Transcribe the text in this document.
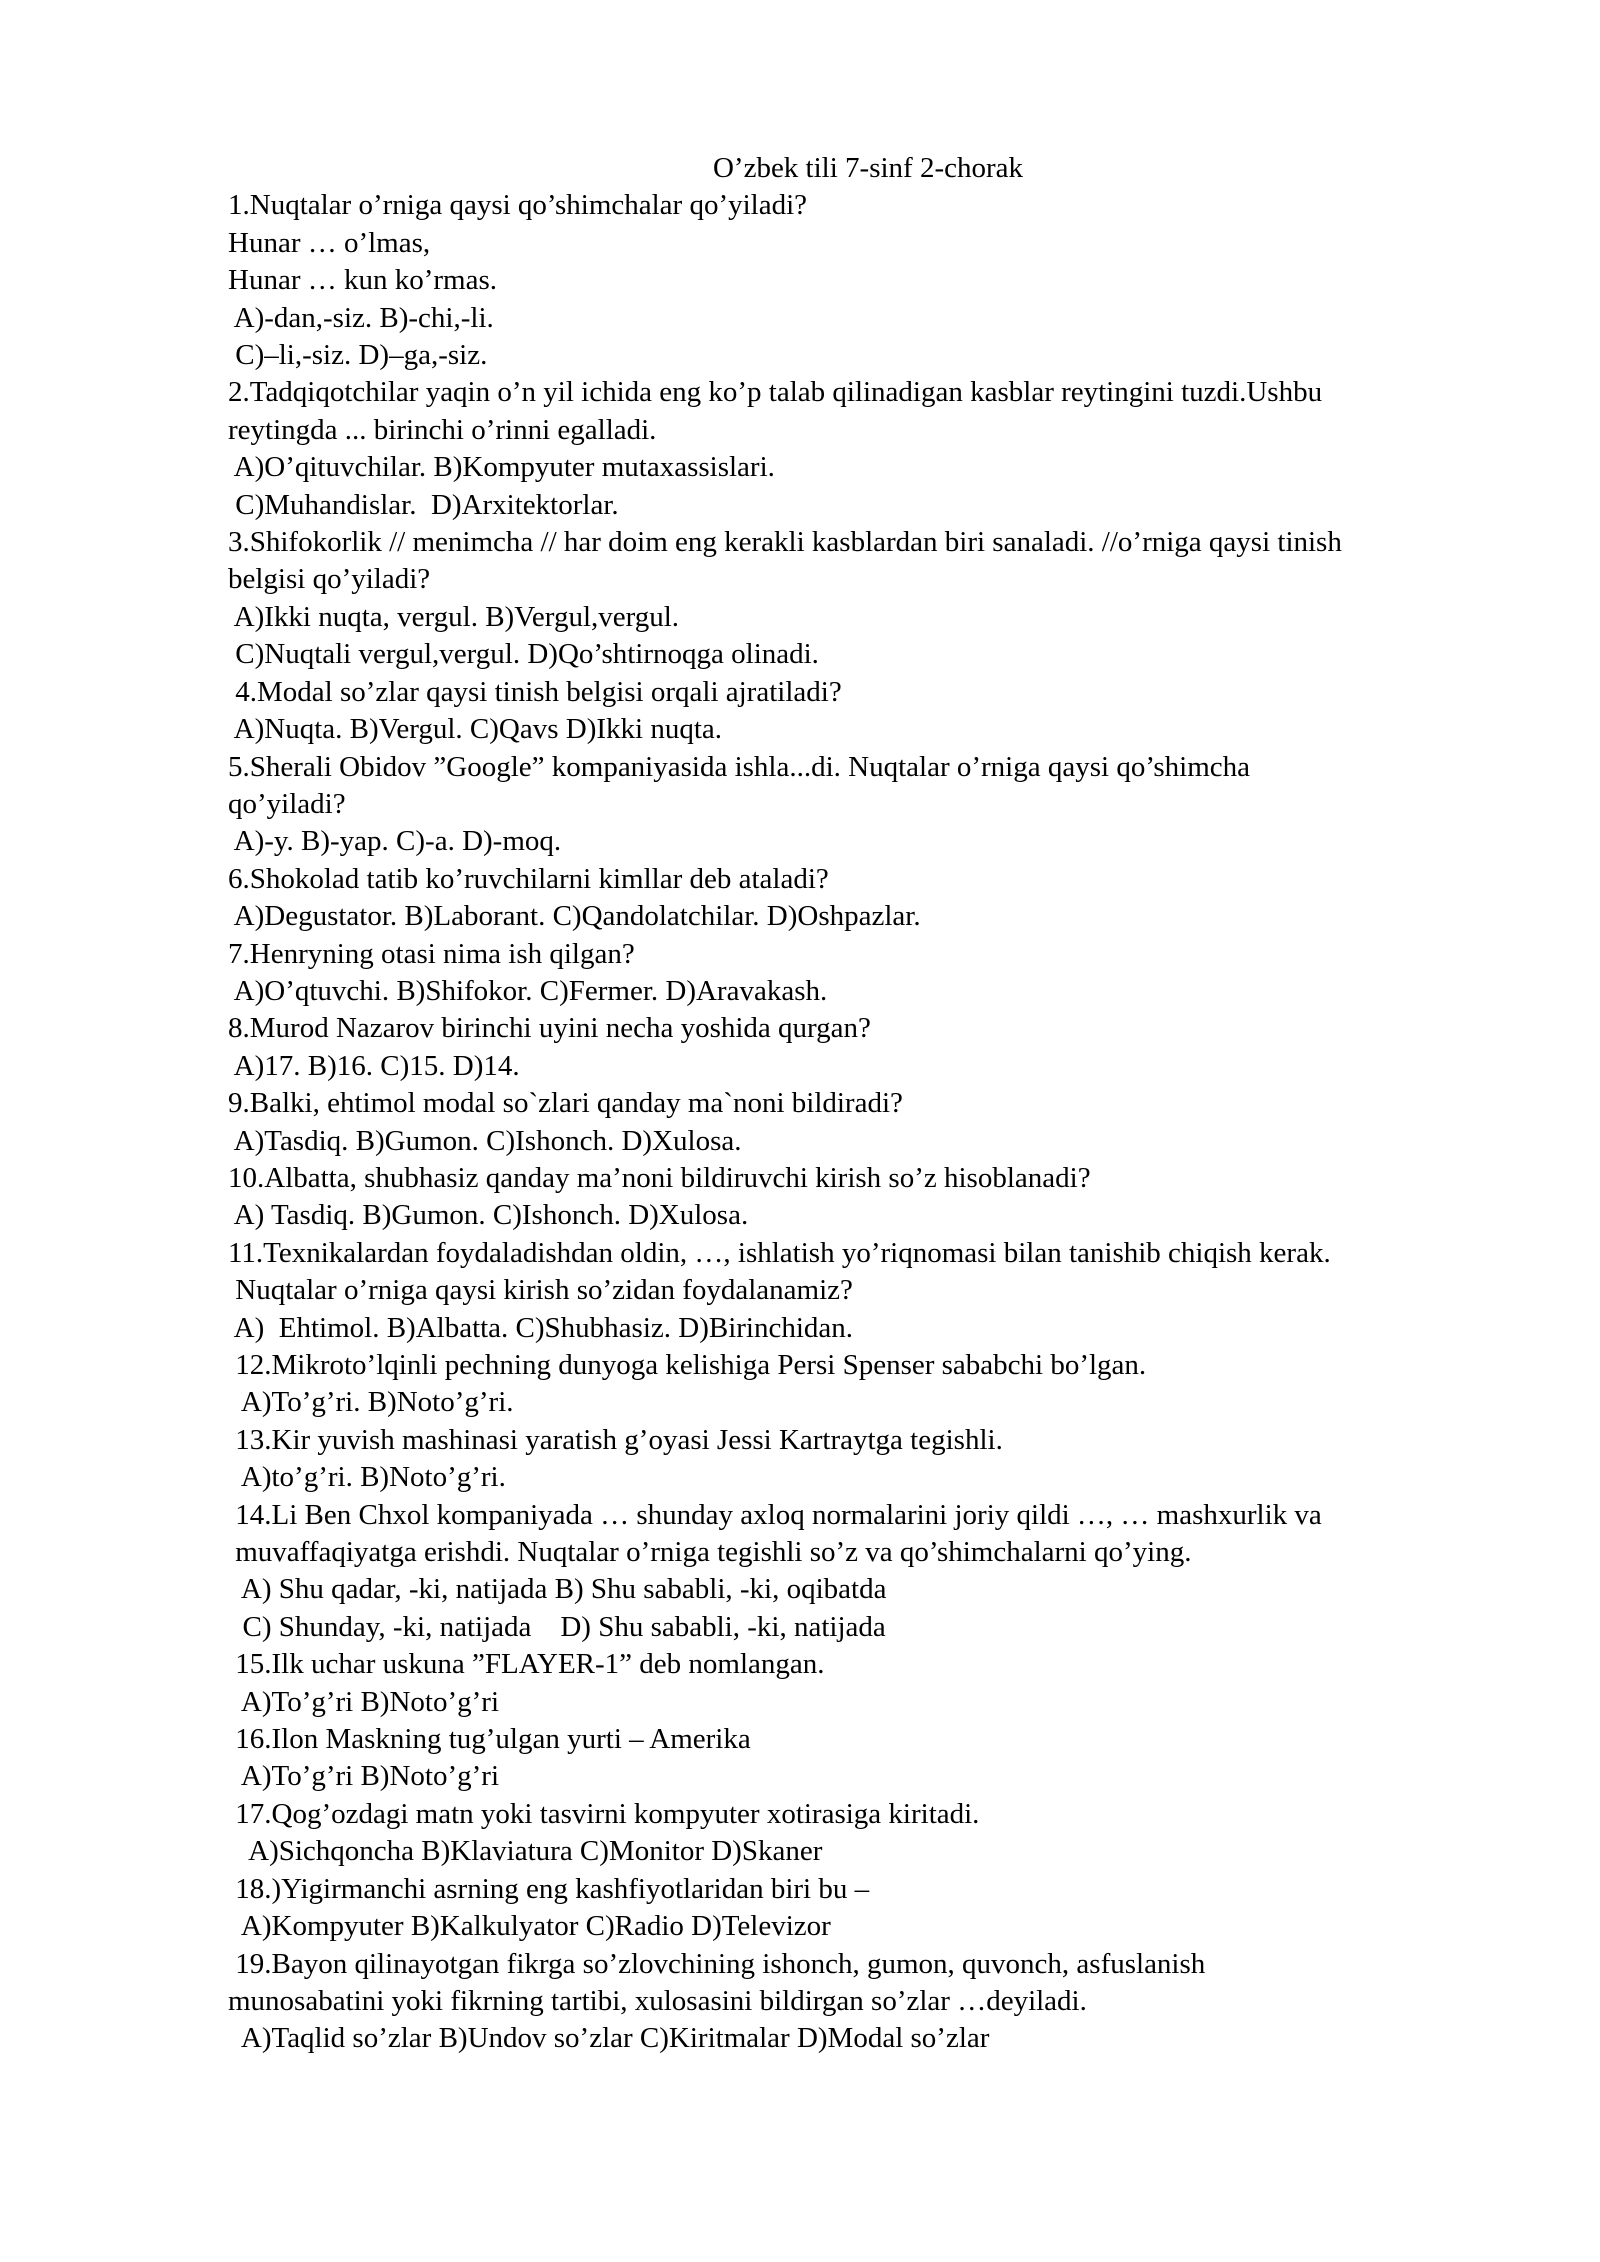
O’zbek tili 7-sinf 2-chorak

1.Nuqtalar o’rniga qaysi qo’shimchalar qo’yiladi?

Hunar … o’lmas,

Hunar … kun ko’rmas.

A)-dan,-siz. B)-chi,-li.

C)–li,-siz. D)–ga,-siz.

2.Tadqiqotchilar yaqin o’n yil ichida eng ko’p talab qilinadigan kasblar reytingini tuzdi.Ushbu

reytingda ... birinchi o’rinni egalladi.

A)O’qituvchilar. B)Kompyuter mutaxassislari.

C)Muhandislar.  D)Arxitektorlar.

3.Shifokorlik // menimcha // har doim eng kerakli kasblardan biri sanaladi. //o’rniga qaysi tinish

belgisi qo’yiladi?

A)Ikki nuqta, vergul. B)Vergul,vergul.

C)Nuqtali vergul,vergul. D)Qo’shtirnoqga olinadi.

4.Modal so’zlar qaysi tinish belgisi orqali ajratiladi?

A)Nuqta. B)Vergul. C)Qavs D)Ikki nuqta.

5.Sherali Obidov ”Google” kompaniyasida ishla...di. Nuqtalar o’rniga qaysi qo’shimcha

qo’yiladi?

A)-y. B)-yap. C)-a. D)-moq.

6.Shokolad tatib ko’ruvchilarni kimllar deb ataladi?

A)Degustator. B)Laborant. C)Qandolatchilar. D)Oshpazlar.

7.Henryning otasi nima ish qilgan?

A)O’qtuvchi. B)Shifokor. C)Fermer. D)Aravakash.

8.Murod Nazarov birinchi uyini necha yoshida qurgan?

A)17. B)16. C)15. D)14.

9.Balki, ehtimol modal so`zlari qanday ma`noni bildiradi?

A)Tasdiq. B)Gumon. C)Ishonch. D)Xulosa.

10.Albatta, shubhasiz qanday ma’noni bildiruvchi kirish so’z hisoblanadi?

A) Tasdiq. B)Gumon. C)Ishonch. D)Xulosa.

11.Texnikalardan foydaladishdan oldin, …, ishlatish yo’riqnomasi bilan tanishib chiqish kerak.

Nuqtalar o’rniga qaysi kirish so’zidan foydalanamiz?

A)  Ehtimol. B)Albatta. C)Shubhasiz. D)Birinchidan.

12.Mikroto’lqinli pechning dunyoga kelishiga Persi Spenser sababchi bo’lgan.

A)To’g’ri. B)Noto’g’ri.

13.Kir yuvish mashinasi yaratish g’oyasi Jessi Kartraytga tegishli.

A)to’g’ri. B)Noto’g’ri.

14.Li Ben Chxol kompaniyada … shunday axloq normalarini joriy qildi …, … mashxurlik va

muvaffaqiyatga erishdi. Nuqtalar o’rniga tegishli so’z va qo’shimchalarni qo’ying.

A) Shu qadar, -ki, natijada B) Shu sababli, -ki, oqibatda

C) Shunday, -ki, natijada    D) Shu sababli, -ki, natijada

15.Ilk uchar uskuna ”FLAYER-1” deb nomlangan.

A)To’g’ri B)Noto’g’ri

16.Ilon Maskning tug’ulgan yurti – Amerika

A)To’g’ri B)Noto’g’ri

17.Qog’ozdagi matn yoki tasvirni kompyuter xotirasiga kiritadi.

A)Sichqoncha B)Klaviatura C)Monitor D)Skaner

18.)Yigirmanchi asrning eng kashfiyotlaridan biri bu –

A)Kompyuter B)Kalkulyator C)Radio D)Televizor

19.Bayon qilinayotgan fikrga so’zlovchining ishonch, gumon, quvonch, asfuslanish

munosabatini yoki fikrning tartibi, xulosasini bildirgan so’zlar …deyiladi.

A)Taqlid so’zlar B)Undov so’zlar C)Kiritmalar D)Modal so’zlar
